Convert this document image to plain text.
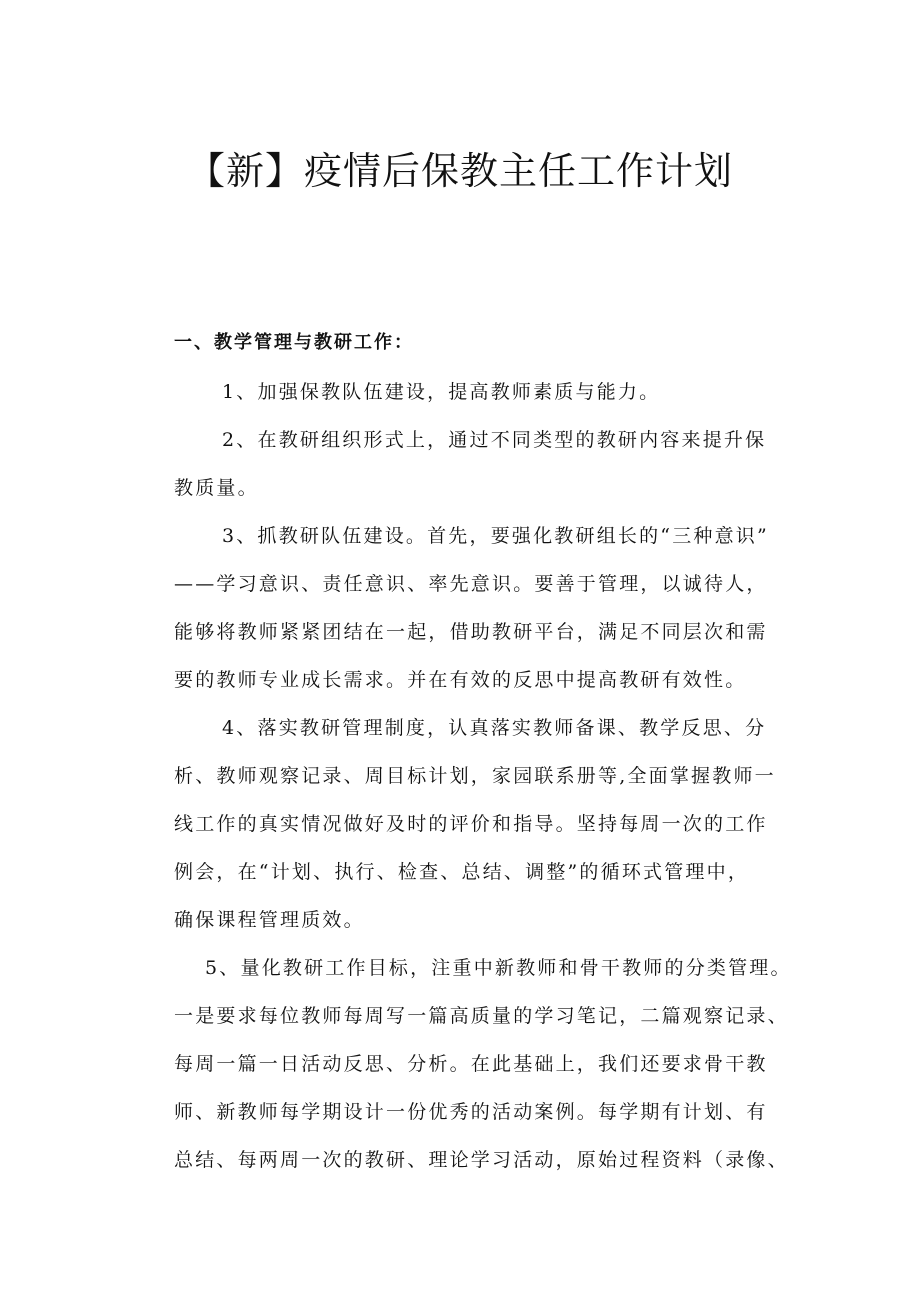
【新】疫情后保教主任工作计划
一、教学管理与教研工作：

1、加强保教队伍建设，提高教师素质与能力。

2、在教研组织形式上，通过不同类型的教研内容来提升保

教质量。

3、抓教研队伍建设。首先，要强化教研组长的“三种意识”

——学习意识、责任意识、率先意识。要善于管理，以诚待人，

能够将教师紧紧团结在一起，借助教研平台，满足不同层次和需

要的教师专业成长需求。并在有效的反思中提高教研有效性。

4、落实教研管理制度，认真落实教师备课、教学反思、分

析、教师观察记录、周目标计划，家园联系册等,全面掌握教师一

线工作的真实情况做好及时的评价和指导。坚持每周一次的工作

例会，在“计划、执行、检查、总结、调整”的循环式管理中，

确保课程管理质效。

5、量化教研工作目标，注重中新教师和骨干教师的分类管理。

一是要求每位教师每周写一篇高质量的学习笔记，二篇观察记录、

每周一篇一日活动反思、分析。在此基础上，我们还要求骨干教

师、新教师每学期设计一份优秀的活动案例。每学期有计划、有

总结、每两周一次的教研、理论学习活动，原始过程资料（录像、
